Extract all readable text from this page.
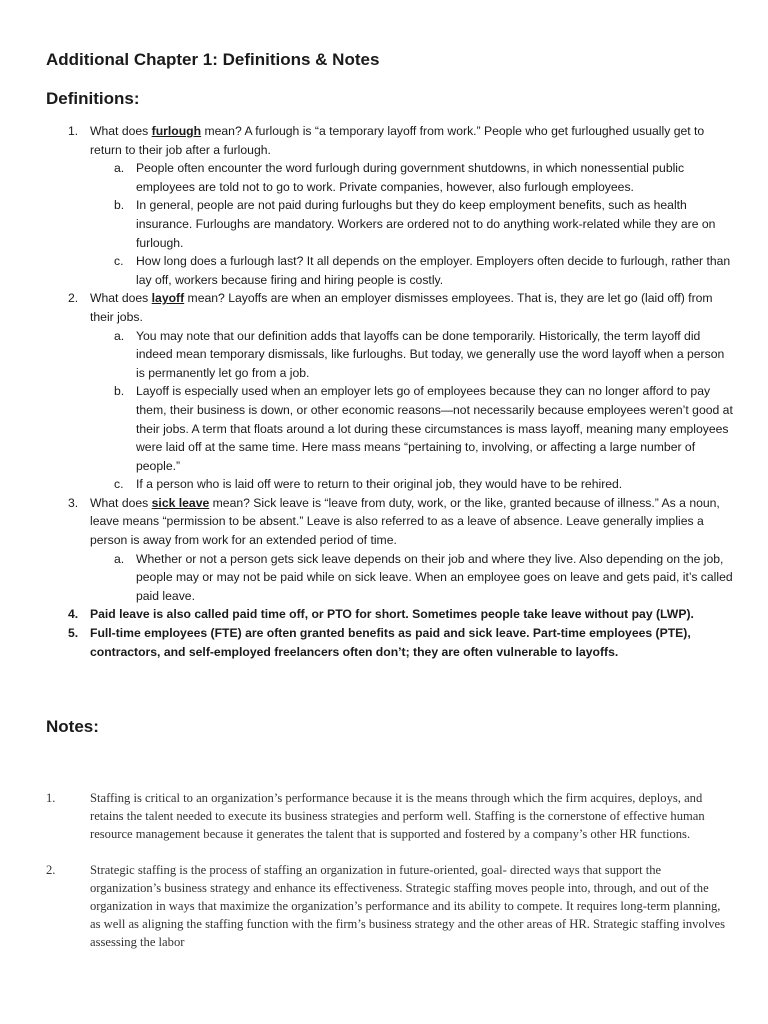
Additional Chapter 1: Definitions & Notes
Definitions:
1. What does furlough mean? A furlough is “a temporary layoff from work.” People who get furloughed usually get to return to their job after a furlough.
a. People often encounter the word furlough during government shutdowns, in which nonessential public employees are told not to go to work. Private companies, however, also furlough employees.
b. In general, people are not paid during furloughs but they do keep employment benefits, such as health insurance. Furloughs are mandatory. Workers are ordered not to do anything work-related while they are on furlough.
c. How long does a furlough last? It all depends on the employer. Employers often decide to furlough, rather than lay off, workers because firing and hiring people is costly.
2. What does layoff mean? Layoffs are when an employer dismisses employees. That is, they are let go (laid off) from their jobs.
a. You may note that our definition adds that layoffs can be done temporarily. Historically, the term layoff did indeed mean temporary dismissals, like furloughs. But today, we generally use the word layoff when a person is permanently let go from a job.
b. Layoff is especially used when an employer lets go of employees because they can no longer afford to pay them, their business is down, or other economic reasons—not necessarily because employees weren’t good at their jobs. A term that floats around a lot during these circumstances is mass layoff, meaning many employees were laid off at the same time. Here mass means “pertaining to, involving, or affecting a large number of people.”
c. If a person who is laid off were to return to their original job, they would have to be rehired.
3. What does sick leave mean? Sick leave is “leave from duty, work, or the like, granted because of illness.” As a noun, leave means “permission to be absent.” Leave is also referred to as a leave of absence. Leave generally implies a person is away from work for an extended period of time.
a. Whether or not a person gets sick leave depends on their job and where they live. Also depending on the job, people may or may not be paid while on sick leave. When an employee goes on leave and gets paid, it’s called paid leave.
4. Paid leave is also called paid time off, or PTO for short. Sometimes people take leave without pay (LWP).
5. Full-time employees (FTE) are often granted benefits as paid and sick leave. Part-time employees (PTE), contractors, and self-employed freelancers often don’t; they are often vulnerable to layoffs.
Notes:
1.	Staffing is critical to an organization’s performance because it is the means through which the firm acquires, deploys, and retains the talent needed to execute its business strategies and perform well. Staffing is the cornerstone of effective human resource management because it generates the talent that is supported and fostered by a company’s other HR functions.
2.	Strategic staffing is the process of staffing an organization in future-oriented, goal- directed ways that support the organization’s business strategy and enhance its effectiveness. Strategic staffing moves people into, through, and out of the organization in ways that maximize the organization’s performance and its ability to compete. It requires long-term planning, as well as aligning the staffing function with the firm’s business strategy and the other areas of HR. Strategic staffing involves assessing the labor
